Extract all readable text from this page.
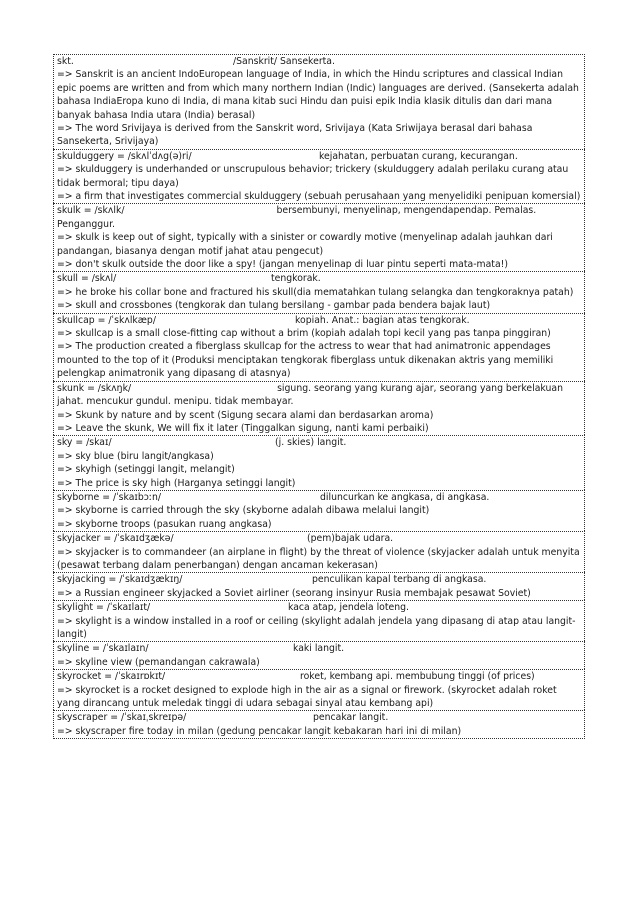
skt.	/Sanskrit/ Sansekerta.
=> Sanskrit is an ancient IndoEuropean language of India, in which the Hindu scriptures and classical Indian epic poems are written and from which many northern Indian (Indic) languages are derived. (Sansekerta adalah bahasa IndiaEropa kuno di India, di mana kitab suci Hindu dan puisi epik India klasik ditulis dan dari mana banyak bahasa India utara (India) berasal)
=> The word Srivijaya is derived from the Sanskrit word, Srivijaya (Kata Sriwijaya berasal dari bahasa Sansekerta, Srivijaya)
skulduggery = /skʌlˈdʌg(ə)ri/	kejahatan, perbuatan curang, kecurangan.
=> skulduggery is underhanded or unscrupulous behavior; trickery (skulduggery adalah perilaku curang atau tidak bermoral; tipu daya)
=> a firm that investigates commercial skulduggery (sebuah perusahaan yang menyelidiki penipuan komersial)
skulk = /skʌlk/	bersembunyi, menyelinap, mengendapendap. Pemalas. Penganggur.
=> skulk is keep out of sight, typically with a sinister or cowardly motive (menyelinap adalah jauhkan dari pandangan, biasanya dengan motif jahat atau pengecut)
=> don't skulk outside the door like a spy! (jangan menyelinap di luar pintu seperti mata-mata!)
skull = /skʌl/	tengkorak.
=> he broke his collar bone and fractured his skull(dia mematahkan tulang selangka dan tengkoraknya patah)
=> skull and crossbones (tengkorak dan tulang bersilang - gambar pada bendera bajak laut)
skullcap = /ˈskʌlkæp/	kopiah. Anat.: bagian atas tengkorak.
=> skullcap is a small close-fitting cap without a brim (kopiah adalah topi kecil yang pas tanpa pinggiran)
=> The production created a fiberglass skullcap for the actress to wear that had animatronic appendages mounted to the top of it (Produksi menciptakan tengkorak fiberglass untuk dikenakan aktris yang memiliki pelengkap animatronik yang dipasang di atasnya)
skunk = /skʌŋk/	sigung. seorang yang kurang ajar, seorang yang berkelakuan jahat. mencukur gundul. menipu. tidak membayar.
=> Skunk by nature and by scent (Sigung secara alami dan berdasarkan aroma)
=> Leave the skunk, We will fix it later (Tinggalkan sigung, nanti kami perbaiki)
sky = /skaɪ/	(j. skies) langit.
=> sky blue (biru langit/angkasa)
=> skyhigh (setinggi langit, melangit)
=> The price is sky high (Harganya setinggi langit)
skyborne = /ˈskaɪbɔːn/	diluncurkan ke angkasa, di angkasa.
=> skyborne is carried through the sky (skyborne adalah dibawa melalui langit)
=> skyborne troops (pasukan ruang angkasa)
skyjacker = /ˈskaɪdʒækə/	(pem)bajak udara.
=> skyjacker is to commandeer (an airplane in flight) by the threat of violence (skyjacker adalah untuk menyita (pesawat terbang dalam penerbangan) dengan ancaman kekerasan)
skyjacking = /ˈskaɪdʒækɪŋ/	penculikan kapal terbang di angkasa.
=> a Russian engineer skyjacked a Soviet airliner (seorang insinyur Rusia membajak pesawat Soviet)
skylight = /ˈskaɪlaɪt/	kaca atap, jendela loteng.
=> skylight is a window installed in a roof or ceiling (skylight adalah jendela yang dipasang di atap atau langit-langit)
skyline = /ˈskaɪlaɪn/	kaki langit.
=> skyline view (pemandangan cakrawala)
skyrocket = /ˈskaɪrɒkɪt/	roket, kembang api. membubung tinggi (of prices)
=> skyrocket is a rocket designed to explode high in the air as a signal or firework. (skyrocket adalah roket yang dirancang untuk meledak tinggi di udara sebagai sinyal atau kembang api)
skyscraper = /ˈskaɪˌskreɪpə/	pencakar langit.
=> skyscraper fire today in milan (gedung pencakar langit kebakaran hari ini di milan)
